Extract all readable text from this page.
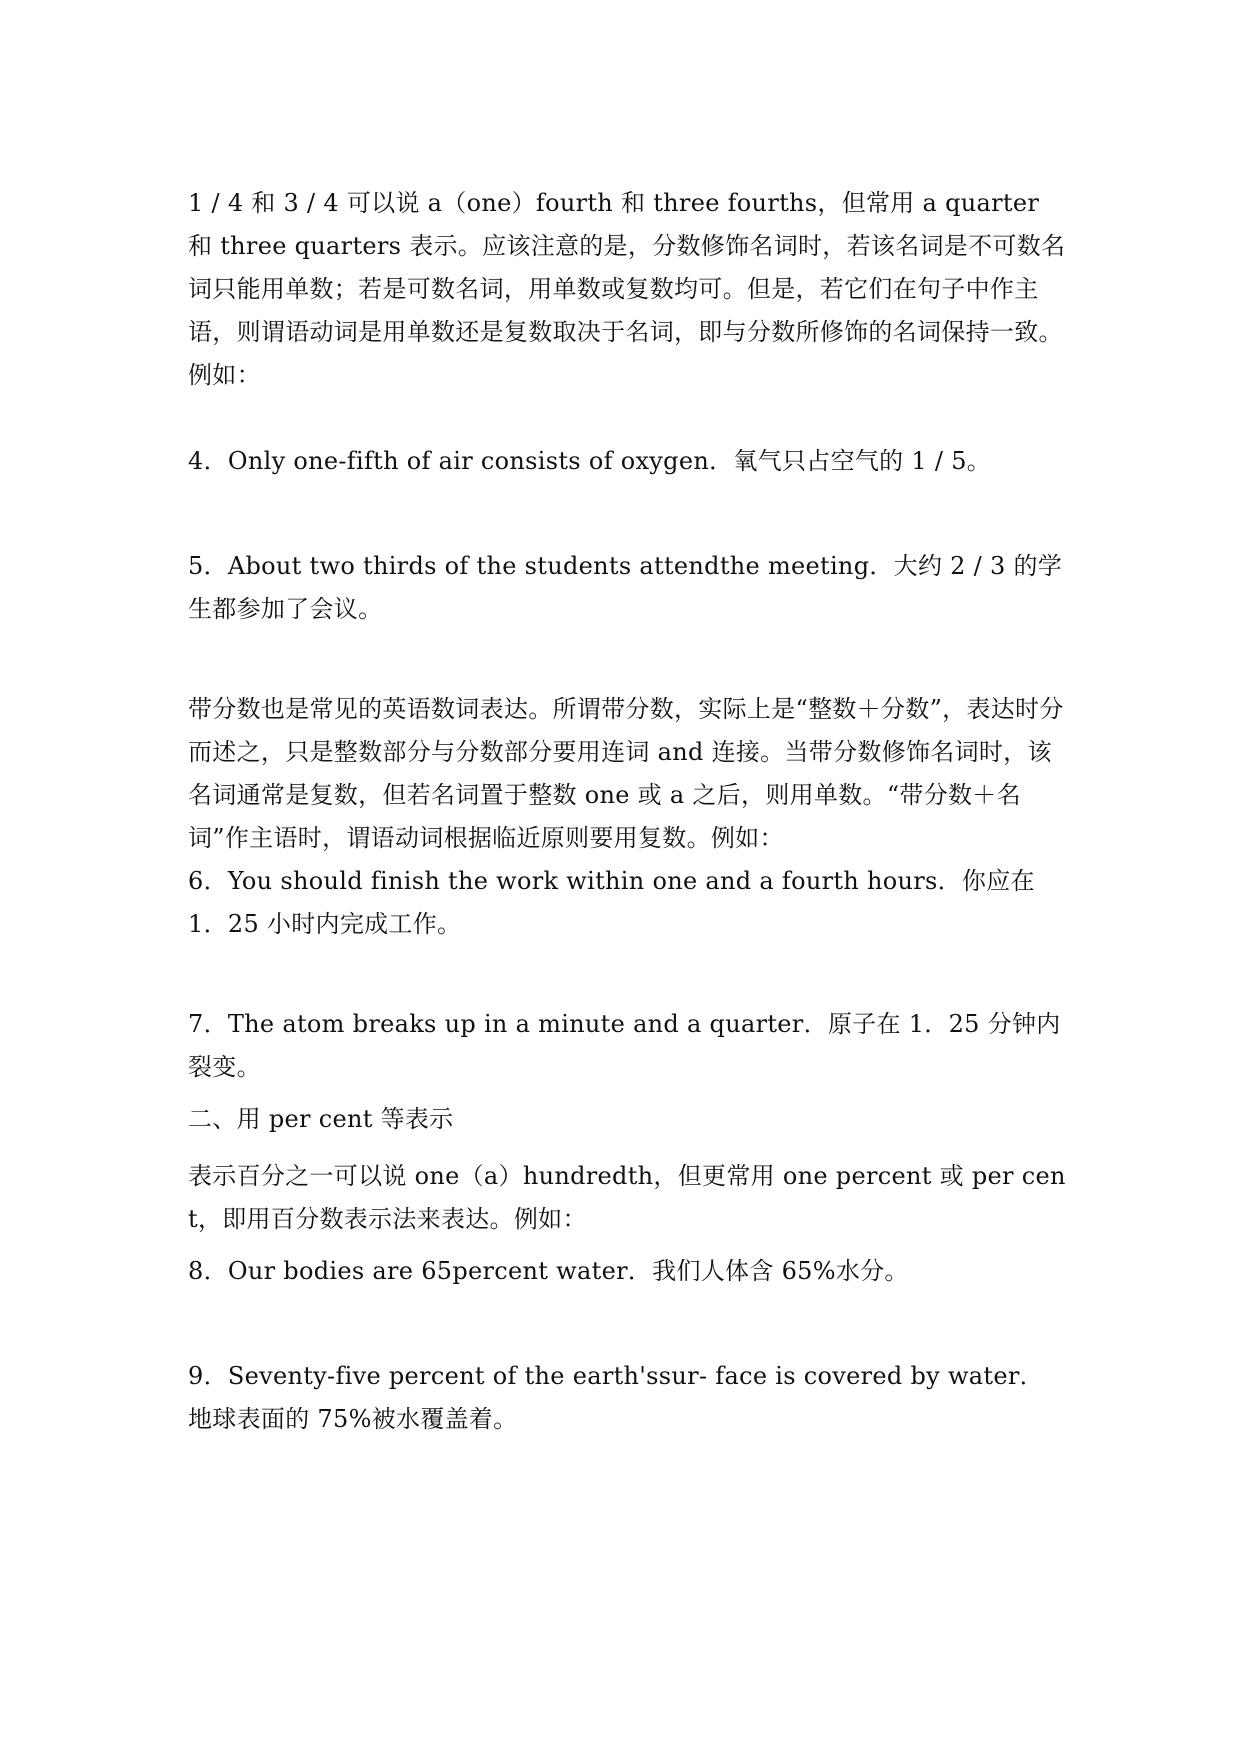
1 / 4 和 3 / 4 可以说 a（one）fourth 和 three fourths，但常用 a quarter 和 three quarters 表示。应该注意的是，分数修饰名词时，若该名词是不可数名词只能用单数；若是可数名词，用单数或复数均可。但是，若它们在句子中作主语，则谓语动词是用单数还是复数取决于名词，即与分数所修饰的名词保持一致。例如：

4．Only one-fifth of air consists of oxygen．氧气只占空气的 1 / 5。

5．About two thirds of the students attendthe meeting．大约 2 / 3 的学生都参加了会议。

带分数也是常见的英语数词表达。所谓带分数，实际上是“整数＋分数”，表达时分而述之，只是整数部分与分数部分要用连词 and 连接。当带分数修饰名词时，该名词通常是复数，但若名词置于整数 one 或 a 之后，则用单数。“带分数＋名词”作主语时，谓语动词根据临近原则要用复数。例如：

6．You should finish the work within one and a fourth hours．你应在 1．25 小时内完成工作。

7．The atom breaks up in a minute and a quarter．原子在 1．25 分钟内裂变。

二、用 per cent 等表示

表示百分之一可以说 one（a）hundredth，但更常用 one percent 或 per cent，即用百分数表示法来表达。例如：

8．Our bodies are 65percent water．我们人体含 65%水分。

9．Seventy-five percent of the earth'ssur- face is covered by water．地球表面的 75%被水覆盖着。
